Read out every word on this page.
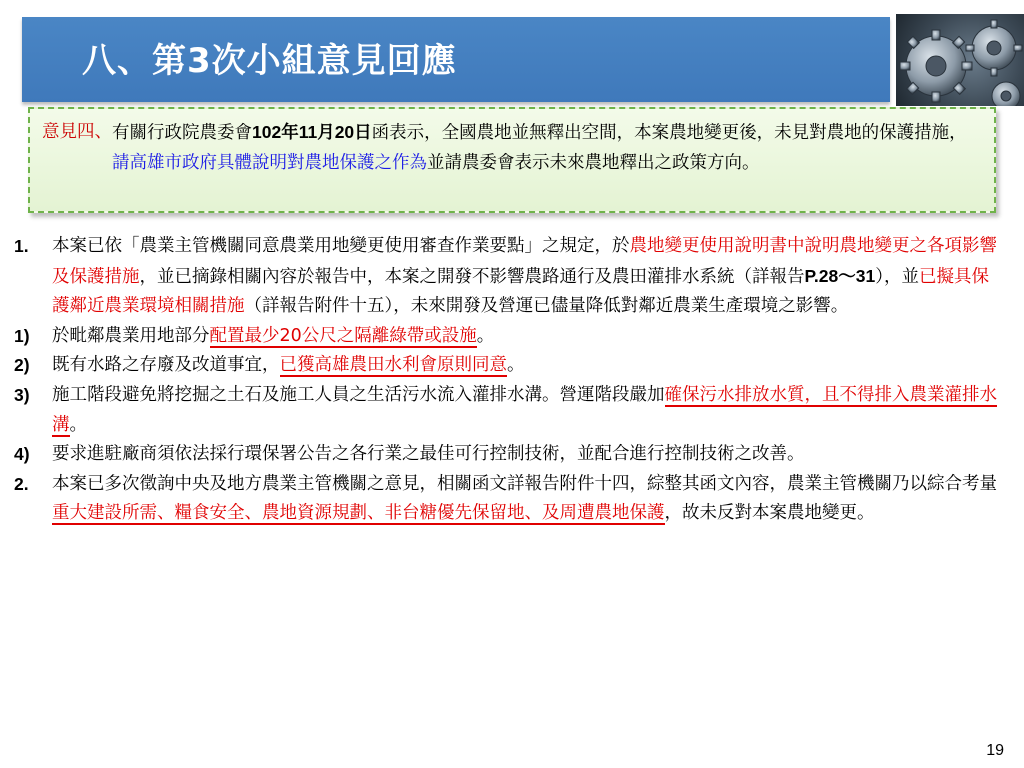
八、第3次小組意見回應
意見四、 有關行政院農委會102年11月20日函表示，全國農地並無釋出空間，本案農地變更後，未見對農地的保護措施，請高雄市政府具體說明對農地保護之作為並請農委會表示未來農地釋出之政策方向。
1.	本案已依「農業主管機關同意農業用地變更使用審查作業要點」之規定，於農地變更使用說明書中說明農地變更之各項影響及保護措施，並已摘錄相關內容於報告中，本案之開發不影響農路通行及農田灌排水系統（詳報告P.28～31），並已擬具保護鄰近農業環境相關措施（詳報告附件十五），未來開發及營運已儘量降低對鄰近農業生產環境之影響。
1)	於毗鄰農業用地部分配置最少20公尺之隔離綠帶或設施。
2)	既有水路之存廢及改道事宜，已獲高雄農田水利會原則同意。
3)	施工階段避免將挖掘之土石及施工人員之生活污水流入灌排水溝。營運階段嚴加確保污水排放水質，且不得排入農業灌排水溝。
4)	要求進駐廠商須依法採行環保署公告之各行業之最佳可行控制技術，並配合進行控制技術之改善。
2.	本案已多次徵詢中央及地方農業主管機關之意見，相關函文詳報告附件十四，綜整其函文內容，農業主管機關乃以綜合考量重大建設所需、糧食安全、農地資源規劃、非台糖優先保留地、及周遭農地保護，故未反對本案農地變更。
19
